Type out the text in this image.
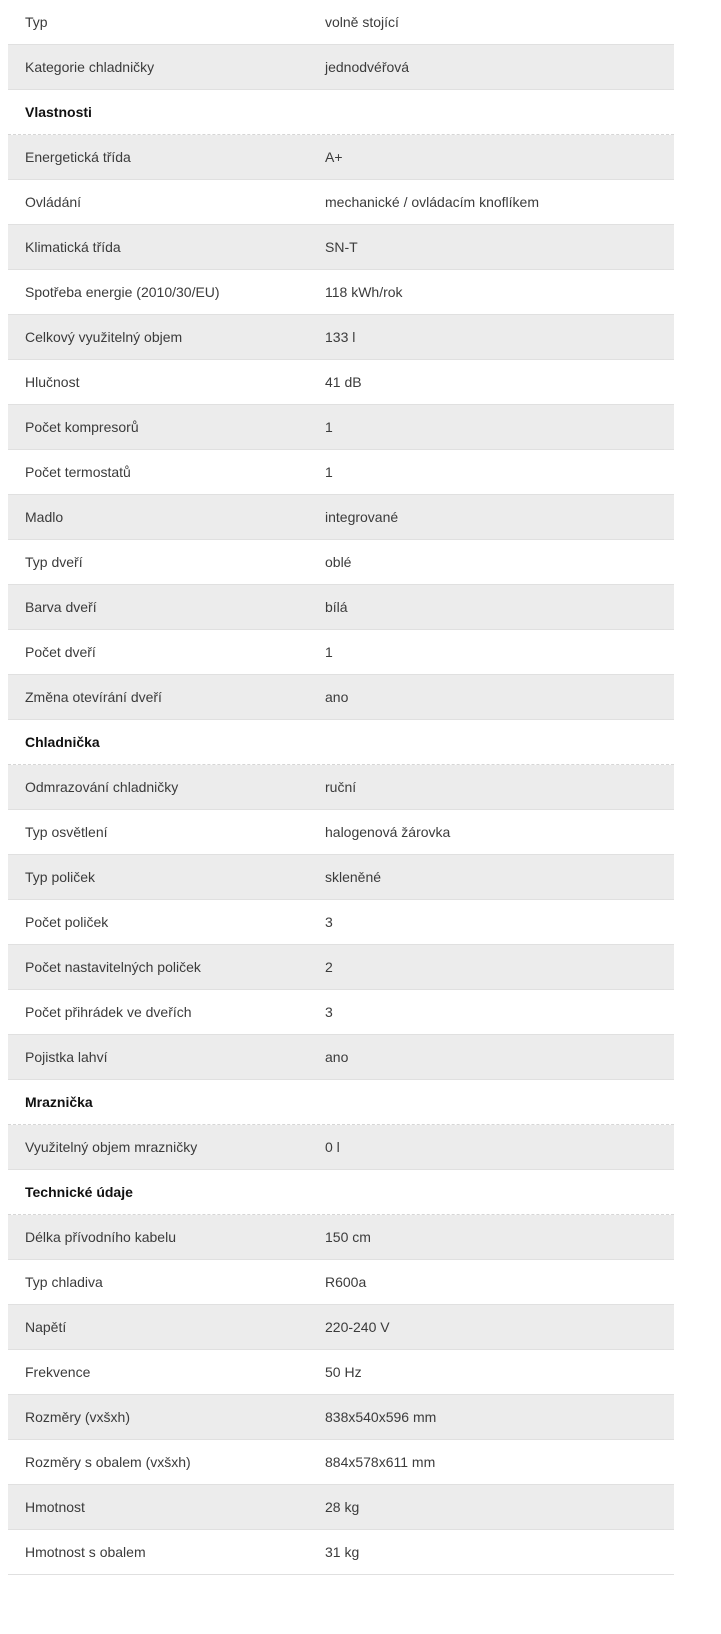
Typ	volně stojící
Kategorie chladničky	jednodvéřová
Vlastnosti
Energetická třída	A+
Ovládání	mechanické / ovládacím knoflíkem
Klimatická třída	SN-T
Spotřeba energie (2010/30/EU)	118 kWh/rok
Celkový využitelný objem	133 l
Hlučnost	41 dB
Počet kompresorů	1
Počet termostatů	1
Madlo	integrované
Typ dveří	oblé
Barva dveří	bílá
Počet dveří	1
Změna otevírání dveří	ano
Chladnička
Odmrazování chladničky	ruční
Typ osvětlení	halogenová žárovka
Typ poliček	skleněné
Počet poliček	3
Počet nastavitelných poliček	2
Počet přihrádek ve dveřích	3
Pojistka lahví	ano
Mraznička
Využitelný objem mrazničky	0 l
Technické údaje
Délka přívodního kabelu	150 cm
Typ chladiva	R600a
Napětí	220-240 V
Frekvence	50 Hz
Rozměry (vxšxh)	838x540x596 mm
Rozměry s obalem (vxšxh)	884x578x611 mm
Hmotnost	28 kg
Hmotnost s obalem	31 kg
